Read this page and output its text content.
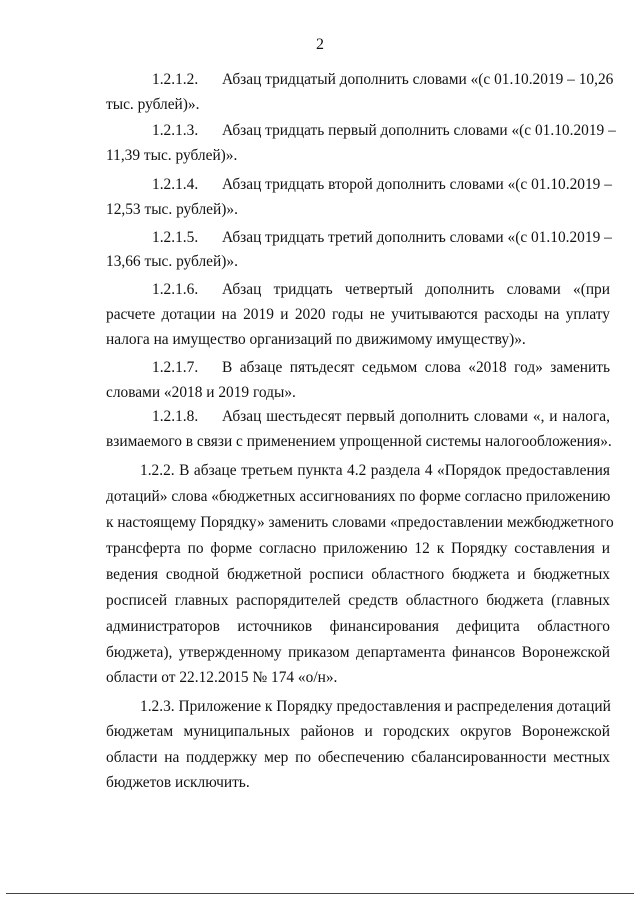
2
1.2.1.2. Абзац тридцатый дополнить словами «(с 01.10.2019 – 10,26
тыс. рублей)».
1.2.1.3. Абзац тридцать первый дополнить словами «(с 01.10.2019 –
11,39 тыс. рублей)».
1.2.1.4. Абзац тридцать второй дополнить словами «(с 01.10.2019 –
12,53 тыс. рублей)».
1.2.1.5. Абзац тридцать третий дополнить словами «(с 01.10.2019 –
13,66 тыс. рублей)».
1.2.1.6. Абзац тридцать четвертый дополнить словами «(при
расчете дотации на 2019 и 2020 годы не учитываются расходы на уплату
налога на имущество организаций по движимому имуществу)».
1.2.1.7. В абзаце пятьдесят седьмом слова «2018 год» заменить
словами «2018 и 2019 годы».
1.2.1.8. Абзац шестьдесят первый дополнить словами «, и налога,
взимаемого в связи с применением упрощенной системы налогообложения».
1.2.2. В абзаце третьем пункта 4.2 раздела 4 «Порядок предоставления
дотаций» слова «бюджетных ассигнованиях по форме согласно приложению
к настоящему Порядку» заменить словами «предоставлении межбюджетного
трансферта по форме согласно приложению 12 к Порядку составления и
ведения сводной бюджетной росписи областного бюджета и бюджетных
росписей главных распорядителей средств областного бюджета (главных
администраторов источников финансирования дефицита областного
бюджета), утвержденному приказом департамента финансов Воронежской
области от 22.12.2015 № 174 «о/н».
1.2.3. Приложение к Порядку предоставления и распределения дотаций
бюджетам муниципальных районов и городских округов Воронежской
области на поддержку мер по обеспечению сбалансированности местных
бюджетов исключить.
